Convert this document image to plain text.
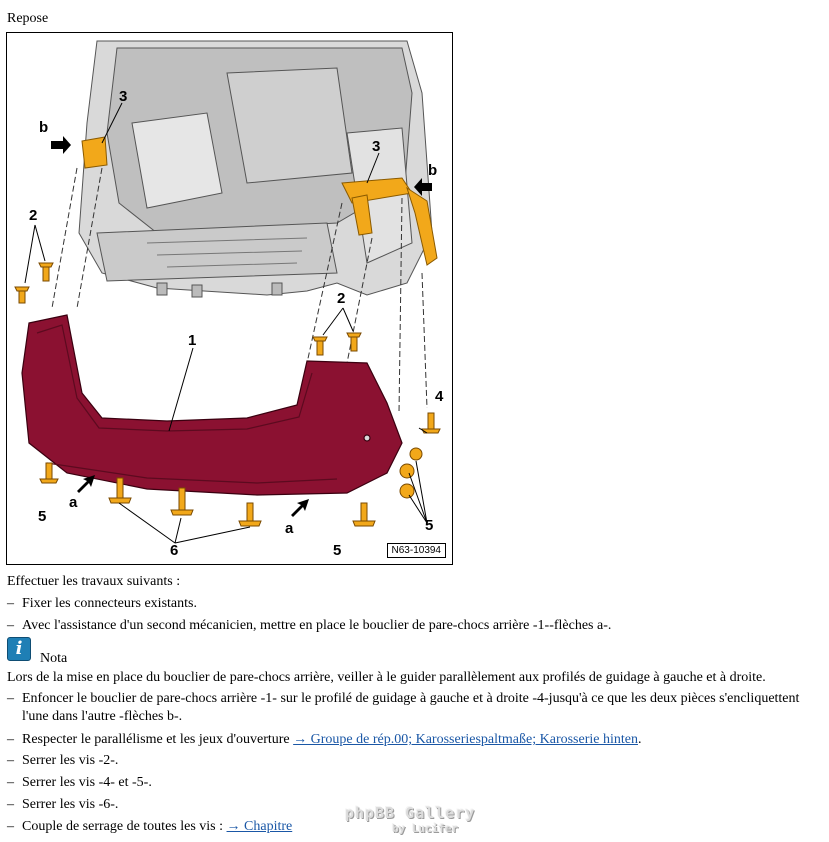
Repose
3
b
3
b
2
2
1
4
a
5
5
a
6	5	N63-10394
Effectuer les travaux suivants :
– Fixer les connecteurs existants.
– Avec l'assistance d'un second mécanicien, mettre en place le bouclier de pare-chocs arrière -1--flèches a-.
i	Nota
Lors de la mise en place du bouclier de pare-chocs arrière, veiller à le guider parallèlement aux profilés de guidage à gauche et à droite.
– Enfoncer le bouclier de pare-chocs arrière -1- sur le profilé de guidage à gauche et à droite -4-jusqu'à ce que les deux pièces s'encliquettent l'une dans l'autre -flèches b-.
– Respecter le parallélisme et les jeux d'ouverture → Groupe de rép.00; Karosseriespaltmaße; Karosserie hinten.
– Serrer les vis -2-.
– Serrer les vis -4- et -5-.
– Serrer les vis -6-.
– Couple de serrage de toutes les vis : → Chapitre
phpBB Gallery
by Lucifer
